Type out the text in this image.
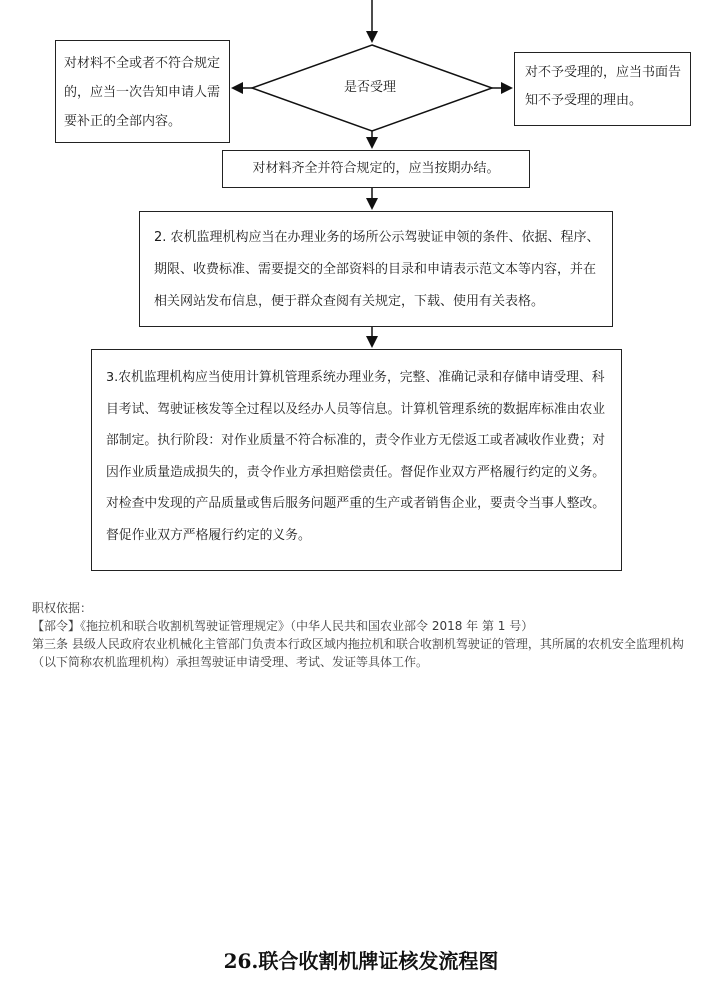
是否受理
对材料不全或者不符合规定的，应当一次告知申请人需要补正的全部内容。
对不予受理的，应当书面告知不予受理的理由。
对材料齐全并符合规定的，应当按期办结。
2. 农机监理机构应当在办理业务的场所公示驾驶证申领的条件、依据、程序、期限、收费标准、需要提交的全部资料的目录和申请表示范文本等内容，并在相关网站发布信息，便于群众查阅有关规定，下载、使用有关表格。
3.农机监理机构应当使用计算机管理系统办理业务，完整、准确记录和存储申请受理、科目考试、驾驶证核发等全过程以及经办人员等信息。计算机管理系统的数据库标准由农业部制定。执行阶段：对作业质量不符合标准的，责令作业方无偿返工或者减收作业费；对因作业质量造成损失的，责令作业方承担赔偿责任。督促作业双方严格履行约定的义务。对检查中发现的产品质量或售后服务问题严重的生产或者销售企业，要责令当事人整改。督促作业双方严格履行约定的义务。

职权依据：

【部令】《拖拉机和联合收割机驾驶证管理规定》（中华人民共和国农业部令 2018 年 第 1 号）

第三条 县级人民政府农业机械化主管部门负责本行政区域内拖拉机和联合收割机驾驶证的管理，其所属的农机安全监理机构（以下简称农机监理机构）承担驾驶证申请受理、考试、发证等具体工作。

26.联合收割机牌证核发流程图
